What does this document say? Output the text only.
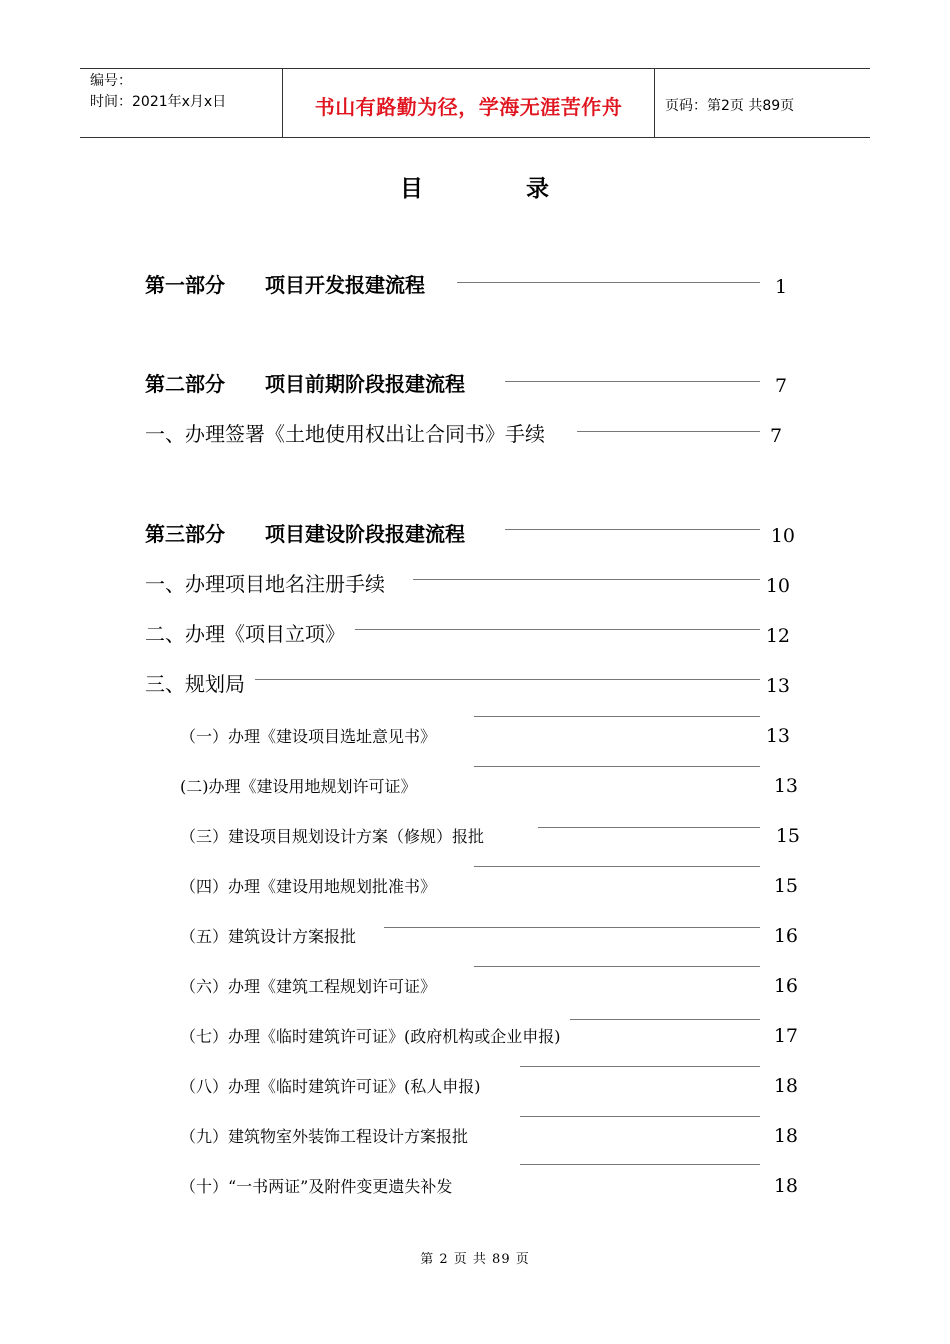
编号：
时间：2021年x月x日	书山有路勤为径，学海无涯苦作舟	页码：第2页 共89页
目	录
第一部分　　项目开发报建流程	1
第二部分　　项目前期阶段报建流程	7
一、办理签署《土地使用权出让合同书》手续	7
第三部分　　项目建设阶段报建流程	10
一、办理项目地名注册手续	10
二、办理《项目立项》	12
三、规划局	13
（一）办理《建设项目选址意见书》	13
(二)办理《建设用地规划许可证》	13
（三）建设项目规划设计方案（修规）报批	15
（四）办理《建设用地规划批准书》	15
（五）建筑设计方案报批	16
（六）办理《建筑工程规划许可证》	16
（七）办理《临时建筑许可证》(政府机构或企业申报)	17
（八）办理《临时建筑许可证》(私人申报)	18
（九）建筑物室外装饰工程设计方案报批	18
（十）“一书两证”及附件变更遗失补发	18
第 2 页 共 89 页
